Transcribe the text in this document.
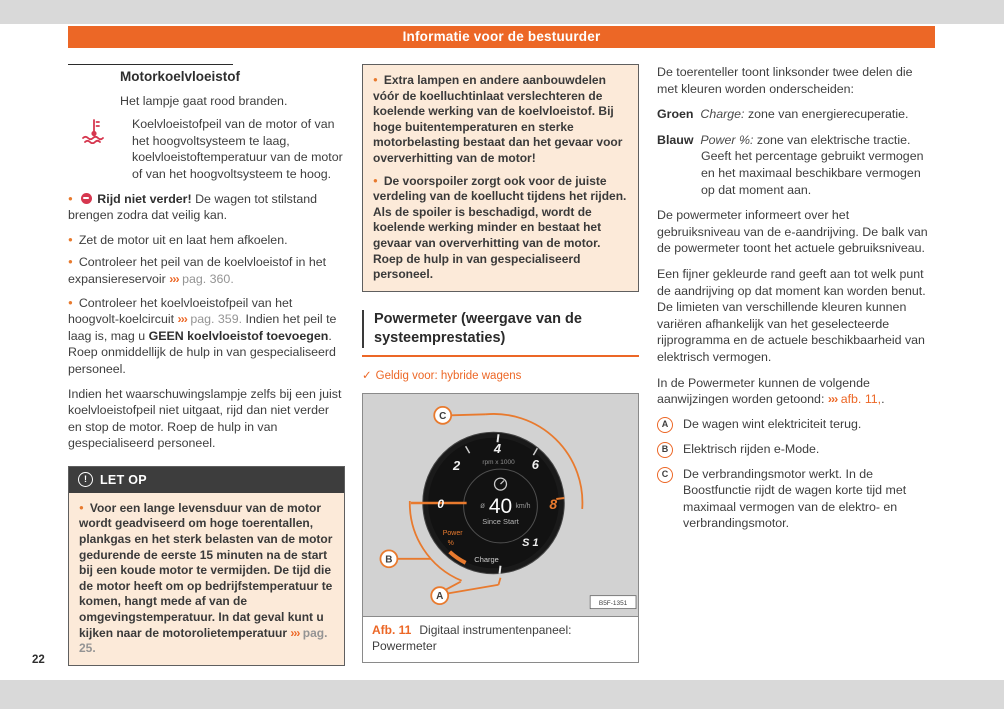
Informatie voor de bestuurder

Motorkoelvloeistof

Het lampje gaat rood branden.

Koelvloeistofpeil van de motor of van het hoogvoltsysteem te laag, koelvloeistoftemperatuur van de motor of van het hoogvoltsysteem te hoog.

● Rijd niet verder! De wagen tot stilstand brengen zodra dat veilig kan.

● Zet de motor uit en laat hem afkoelen.

● Controleer het peil van de koelvloeistof in het expansiereservoir ››› pag. 360.

● Controleer het koelvloeistofpeil van het hoogvolt-koelcircuit ››› pag. 359. Indien het peil te laag is, mag u GEEN koelvloeistof toevoegen. Roep onmiddellijk de hulp in van gespecialiseerd personeel.

Indien het waarschuwingslampje zelfs bij een juist koelvloeistofpeil niet uitgaat, rijd dan niet verder en stop de motor. Roep de hulp in van gespecialiseerd personeel.

!	LET OP

● Voor een lange levensduur van de motor wordt geadviseerd om hoge toerentallen, plankgas en het sterk belasten van de motor gedurende de eerste 15 minuten na de start bij een koude motor te vermijden. De tijd die de motor heeft om op bedrijfstemperatuur te komen, hangt mede af van de omgevingstemperatuur. In dat geval kunt u kijken naar de motorolietemperatuur ››› pag. 25.

● Extra lampen en andere aanbouwdelen vóór de koelluchtinlaat verslechteren de koelende werking van de koelvloeistof. Bij hoge buitentemperaturen en sterke motorbelasting bestaat dan het gevaar voor oververhitting van de motor!

● De voorspoiler zorgt ook voor de juiste verdeling van de koellucht tijdens het rijden. Als de spoiler is beschadigd, wordt de koelende werking minder en bestaat het gevaar van oververhitting van de motor. Roep de hulp in van gespecialiseerd personeel.

Powermeter (weergave van de systeemprestaties)

✓ Geldig voor: hybride wagens

0
2
4
6
8
rpm x 1000
ø 40 km/h
Since Start
Power
%	S 1
Charge
C
B
A
B5F-1351
Afb. 11 Digitaal instrumentenpaneel: Powermeter

De toerenteller toont linksonder twee delen die met kleuren worden onderscheiden:

Groen Charge: zone van energierecuperatie.

Blauw Power %: zone van elektrische tractie. Geeft het percentage gebruikt vermogen en het maximaal beschikbare vermogen op dat moment aan.

De powermeter informeert over het gebruiksniveau van de e-aandrijving. De balk van de powermeter toont het actuele gebruiksniveau.

Een fijner gekleurde rand geeft aan tot welk punt de aandrijving op dat moment kan worden benut. De limieten van verschillende kleuren kunnen variëren afhankelijk van het geselecteerde rijprogramma en de actuele beschikbaarheid van elektrisch vermogen.

In de Powermeter kunnen de volgende aanwijzingen worden getoond: ››› afb. 11,.

A	De wagen wint elektriciteit terug.
B	Elektrisch rijden e-Mode.
C	De verbrandingsmotor werkt. In de Boostfunctie rijdt de wagen korte tijd met maximaal vermogen van de elektro- en verbrandingsmotor.
22
